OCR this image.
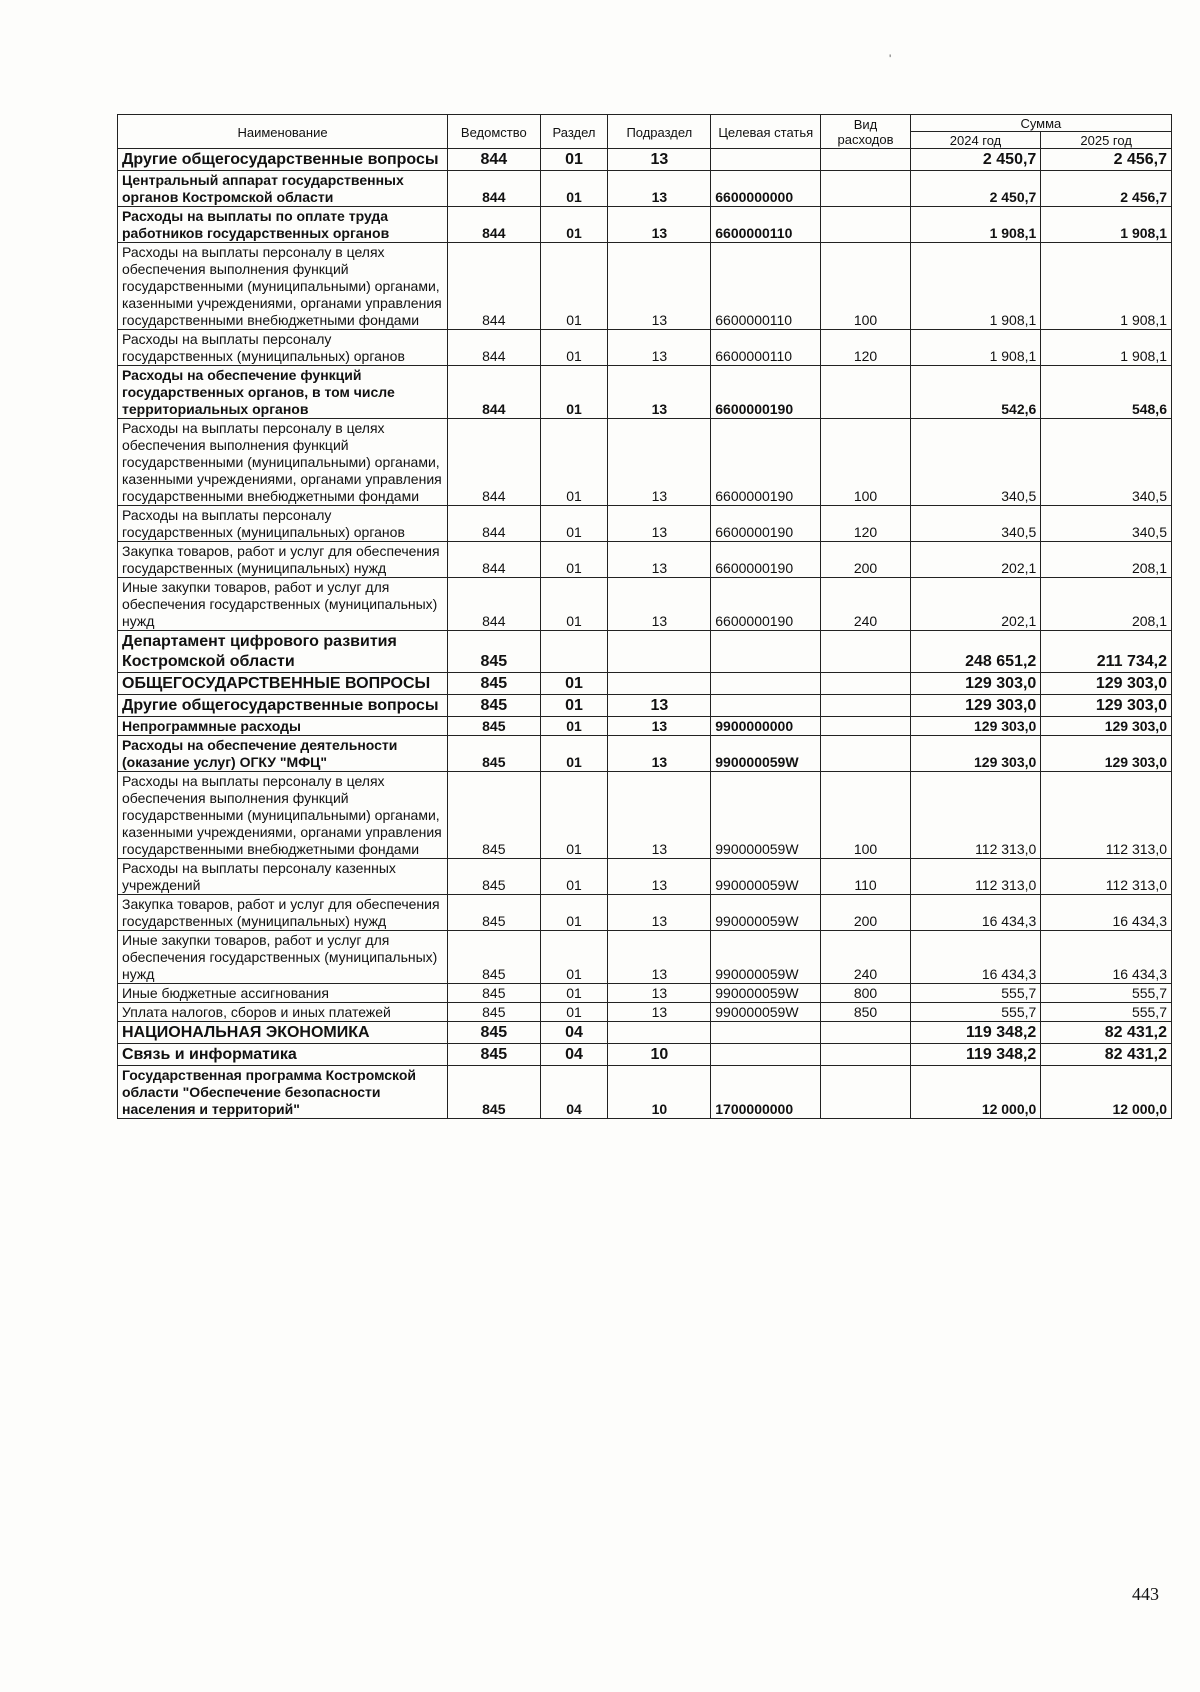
'
Наименование	Ведомство	Раздел	Подраздел	Целевая статья	Вид расходов	Сумма	
						2024 год	2025 год
Другие общегосударственные вопросы	844	01	13			2 450,7	2 456,7
Центральный аппарат государственных органов Костромской области	844	01	13	6600000000		2 450,7	2 456,7
Расходы на выплаты по оплате труда работников государственных органов	844	01	13	6600000110		1 908,1	1 908,1
Расходы на выплаты персоналу в целях обеспечения выполнения функций государственными (муниципальными) органами, казенными учреждениями, органами управления государственными внебюджетными фондами	844	01	13	6600000110	100	1 908,1	1 908,1
Расходы на выплаты персоналу государственных (муниципальных) органов	844	01	13	6600000110	120	1 908,1	1 908,1
Расходы на обеспечение функций государственных органов, в том числе территориальных органов	844	01	13	6600000190		542,6	548,6
Расходы на выплаты персоналу в целях обеспечения выполнения функций государственными (муниципальными) органами, казенными учреждениями, органами управления государственными внебюджетными фондами	844	01	13	6600000190	100	340,5	340,5
Расходы на выплаты персоналу государственных (муниципальных) органов	844	01	13	6600000190	120	340,5	340,5
Закупка товаров, работ и услуг для обеспечения государственных (муниципальных) нужд	844	01	13	6600000190	200	202,1	208,1
Иные закупки товаров, работ и услуг для обеспечения государственных (муниципальных) нужд	844	01	13	6600000190	240	202,1	208,1
Департамент цифрового развития Костромской области	845					248 651,2	211 734,2
ОБЩЕГОСУДАРСТВЕННЫЕ ВОПРОСЫ	845	01				129 303,0	129 303,0
Другие общегосударственные вопросы	845	01	13			129 303,0	129 303,0
Непрограммные расходы	845	01	13	9900000000		129 303,0	129 303,0
Расходы на обеспечение деятельности (оказание услуг) ОГКУ "МФЦ"	845	01	13	990000059W		129 303,0	129 303,0
Расходы на выплаты персоналу в целях обеспечения выполнения функций государственными (муниципальными) органами, казенными учреждениями, органами управления государственными внебюджетными фондами	845	01	13	990000059W	100	112 313,0	112 313,0
Расходы на выплаты персоналу казенных учреждений	845	01	13	990000059W	110	112 313,0	112 313,0
Закупка товаров, работ и услуг для обеспечения государственных (муниципальных) нужд	845	01	13	990000059W	200	16 434,3	16 434,3
Иные закупки товаров, работ и услуг для обеспечения государственных (муниципальных) нужд	845	01	13	990000059W	240	16 434,3	16 434,3
Иные бюджетные ассигнования	845	01	13	990000059W	800	555,7	555,7
Уплата налогов, сборов и иных платежей	845	01	13	990000059W	850	555,7	555,7
НАЦИОНАЛЬНАЯ ЭКОНОМИКА	845	04				119 348,2	82 431,2
Связь и информатика	845	04	10			119 348,2	82 431,2
Государственная программа Костромской области "Обеспечение безопасности населения и территорий"	845	04	10	1700000000		12 000,0	12 000,0
443
